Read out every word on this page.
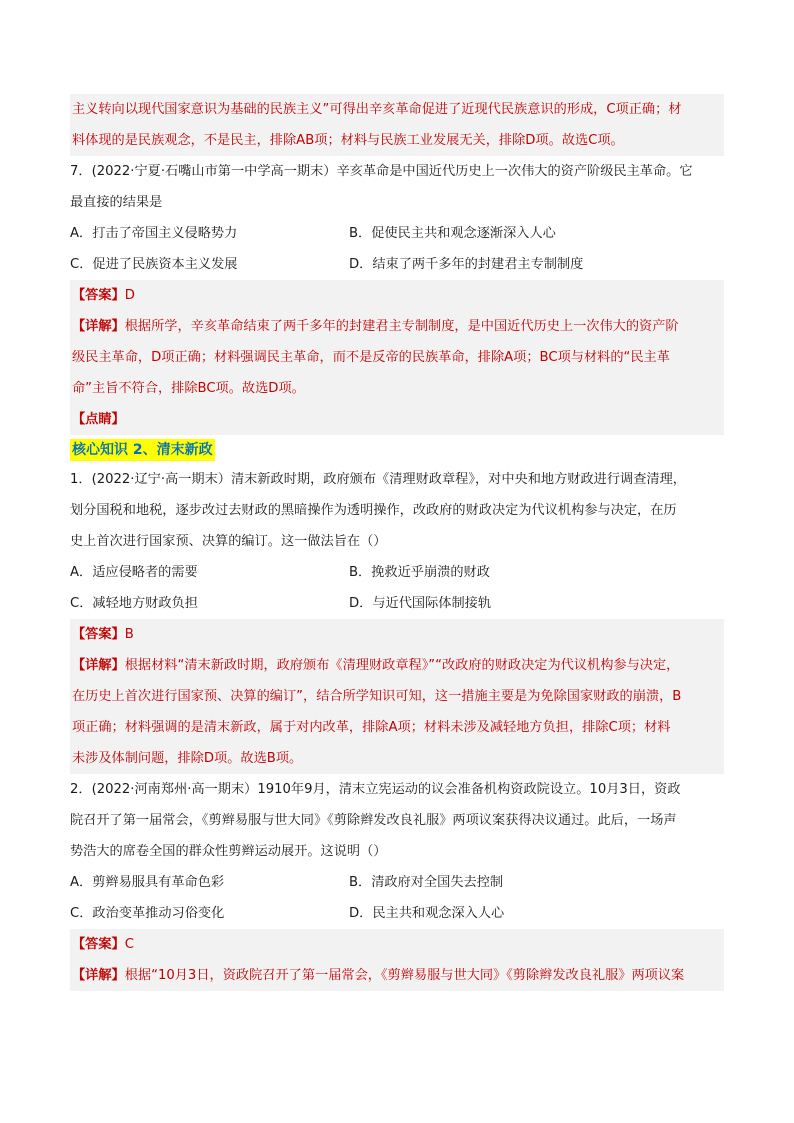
主义转向以现代国家意识为基础的民族主义”可得出辛亥革命促进了近现代民族意识的形成，C项正确；材
料体现的是民族观念，不是民主，排除AB项；材料与民族工业发展无关，排除D项。故选C项。
7．(2022·宁夏·石嘴山市第一中学高一期末）辛亥革命是中国近代历史上一次伟大的资产阶级民主革命。它
最直接的结果是
A．打击了帝国主义侵略势力	B．促使民主共和观念逐渐深入人心
C．促进了民族资本主义发展	D．结束了两千多年的封建君主专制制度
【答案】D
【详解】根据所学，辛亥革命结束了两千多年的封建君主专制制度，是中国近代历史上一次伟大的资产阶
级民主革命，D项正确；材料强调民主革命，而不是反帝的民族革命，排除A项；BC项与材料的“民主革
命”主旨不符合，排除BC项。故选D项。
【点睛】
核心知识 2、清末新政
1．(2022·辽宁·高一期末）清末新政时期，政府颁布《清理财政章程》，对中央和地方财政进行调查清理，
划分国税和地税，逐步改过去财政的黑暗操作为透明操作，改政府的财政决定为代议机构参与决定，在历
史上首次进行国家预、决算的编订。这一做法旨在（）
A．适应侵略者的需要	B．挽救近乎崩溃的财政
C．减轻地方财政负担	D．与近代国际体制接轨
【答案】B
【详解】根据材料“清末新政时期，政府颁布《清理财政章程》”“改政府的财政决定为代议机构参与决定，
在历史上首次进行国家预、决算的编订”，结合所学知识可知，这一措施主要是为免除国家财政的崩溃，B
项正确；材料强调的是清末新政，属于对内改革，排除A项；材料未涉及减轻地方负担，排除C项；材料
未涉及体制问题，排除D项。故选B项。
2．(2022·河南郑州·高一期末）1910年9月，清末立宪运动的议会准备机构资政院设立。10月3日，资政
院召开了第一届常会，《剪辫易服与世大同》《剪除辫发改良礼服》两项议案获得决议通过。此后，一场声
势浩大的席卷全国的群众性剪辫运动展开。这说明（）
A．剪辫易服具有革命色彩	B．清政府对全国失去控制
C．政治变革推动习俗变化	D．民主共和观念深入人心
【答案】C
【详解】根据“10月3日，资政院召开了第一届常会，《剪辫易服与世大同》《剪除辫发改良礼服》两项议案
